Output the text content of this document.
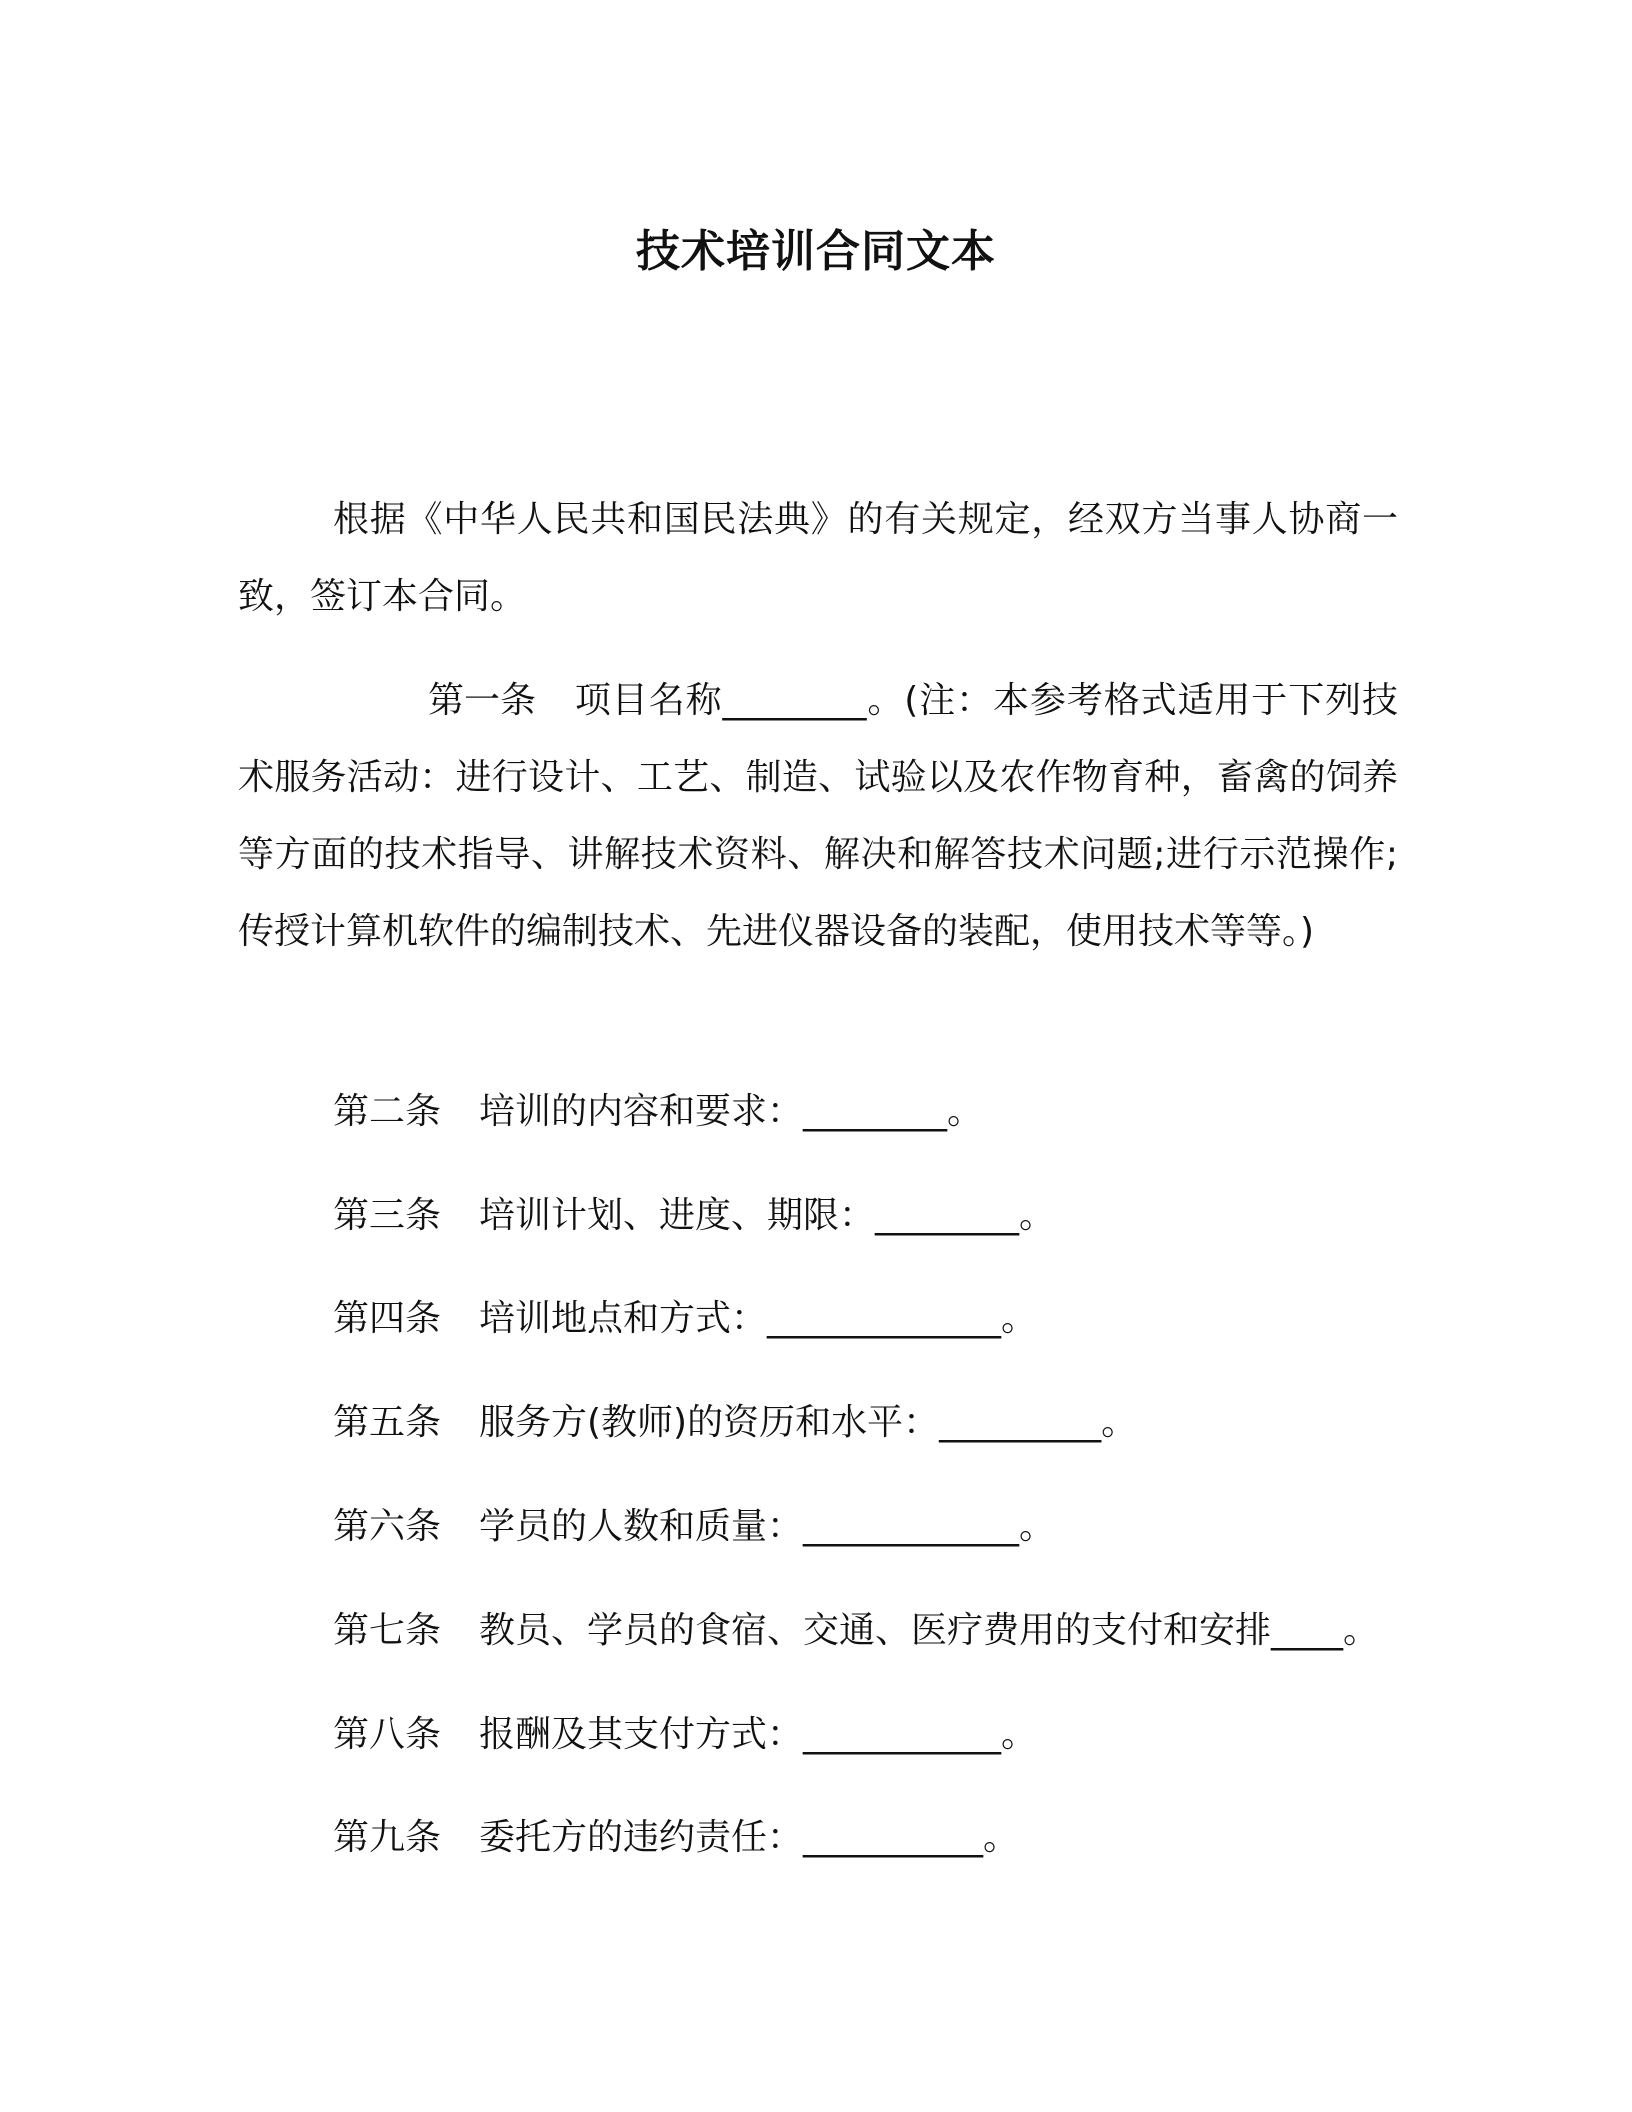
技术培训合同文本
根据《中华人民共和国民法典》的有关规定，经双方当事人协商一致，签订本合同。
第一条 项目名称________。(注：本参考格式适用于下列技术服务活动：进行设计、工艺、制造、试验以及农作物育种，畜禽的饲养等方面的技术指导、讲解技术资料、解决和解答技术问题;进行示范操作;传授计算机软件的编制技术、先进仪器设备的装配，使用技术等等。)
第二条 培训的内容和要求：________。
第三条 培训计划、进度、期限：________。
第四条 培训地点和方式：_____________。
第五条 服务方(教师)的资历和水平：_________。
第六条 学员的人数和质量：____________。
第七条 教员、学员的食宿、交通、医疗费用的支付和安排____。
第八条 报酬及其支付方式：___________。
第九条 委托方的违约责任：__________。
